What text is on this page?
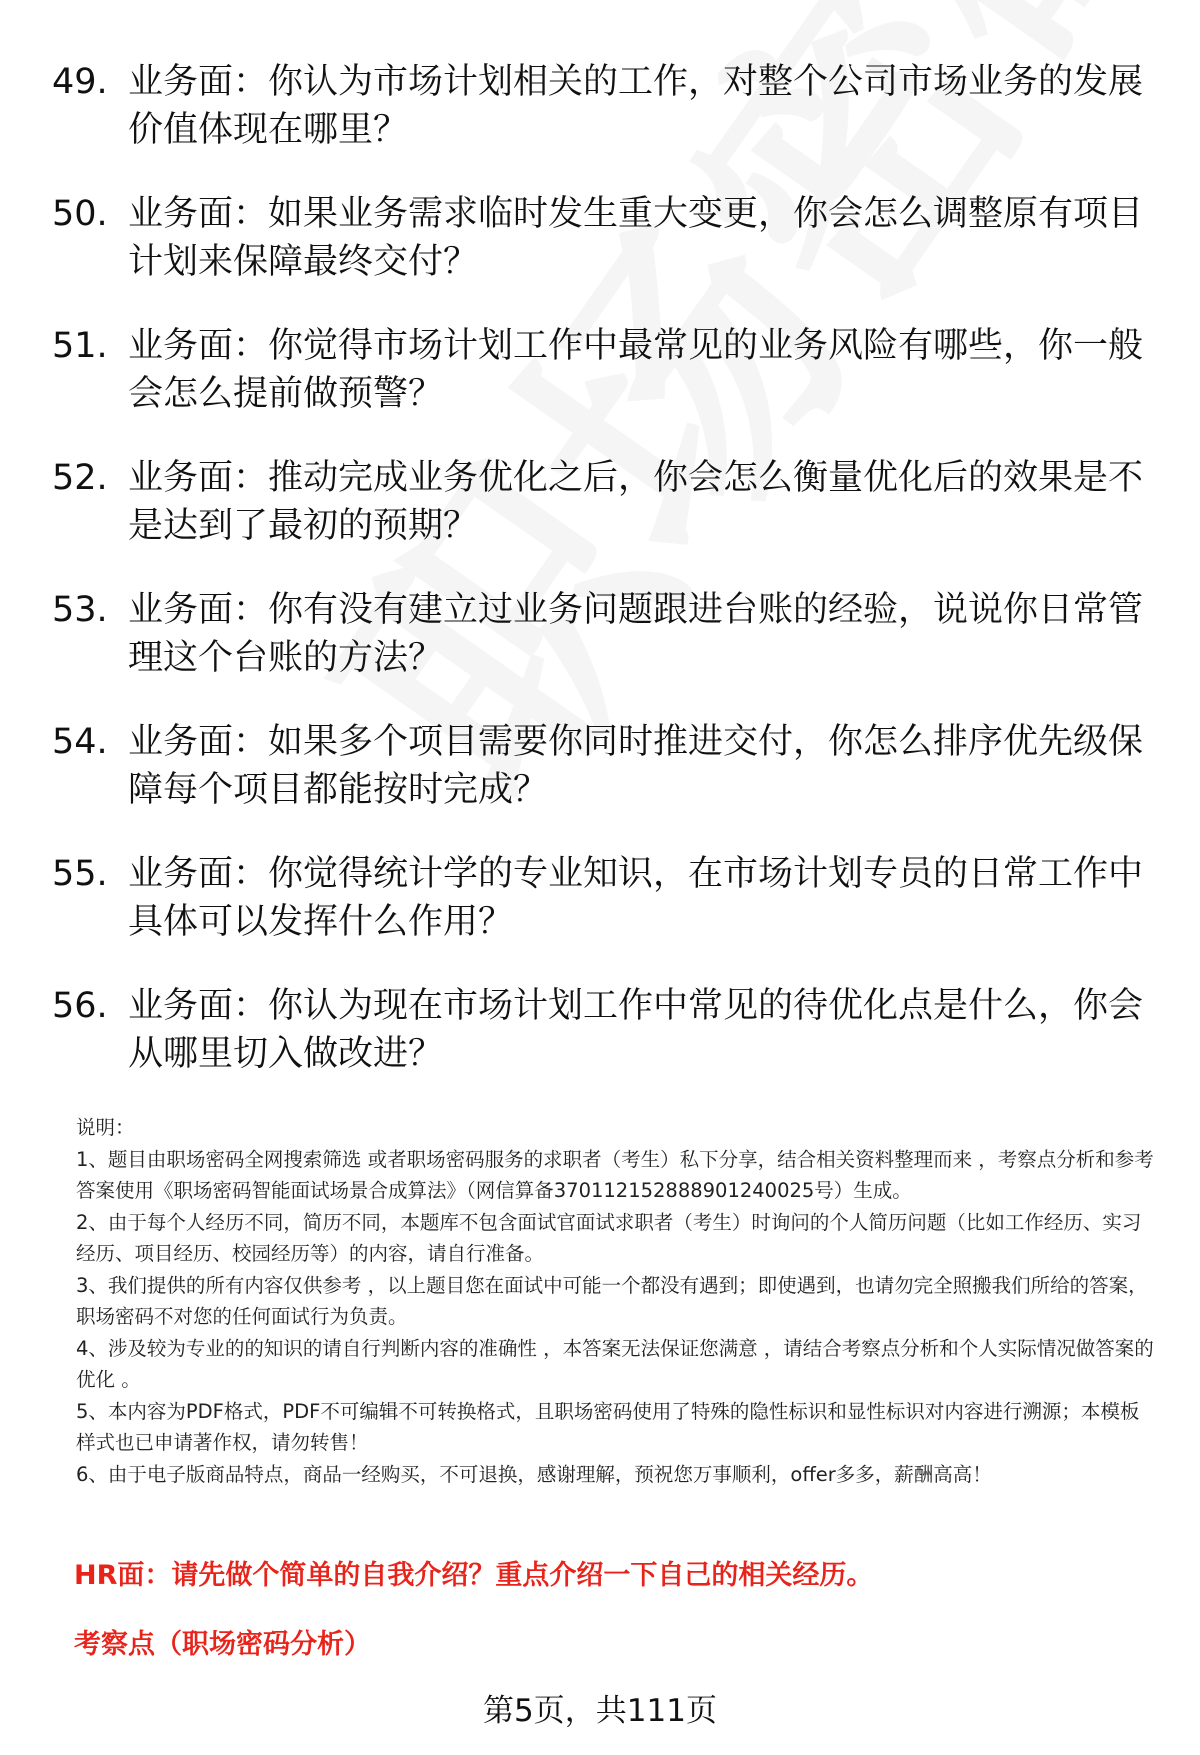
49. 业务面：你认为市场计划相关的工作，对整个公司市场业务的发展价值体现在哪里？
50. 业务面：如果业务需求临时发生重大变更，你会怎么调整原有项目计划来保障最终交付？
51. 业务面：你觉得市场计划工作中最常见的业务风险有哪些，你一般会怎么提前做预警？
52. 业务面：推动完成业务优化之后，你会怎么衡量优化后的效果是不是达到了最初的预期？
53. 业务面：你有没有建立过业务问题跟进台账的经验，说说你日常管理这个台账的方法？
54. 业务面：如果多个项目需要你同时推进交付，你怎么排序优先级保障每个项目都能按时完成？
55. 业务面：你觉得统计学的专业知识，在市场计划专员的日常工作中具体可以发挥什么作用？
56. 业务面：你认为现在市场计划工作中常见的待优化点是什么，你会从哪里切入做改进？

说明：

1、题目由职场密码全网搜索筛选 或者职场密码服务的求职者（考生）私下分享，结合相关资料整理而来 ，考察点分析和参考答案使用《职场密码智能面试场景合成算法》（网信算备370112152888901240025号）生成。

2、由于每个人经历不同，简历不同，本题库不包含面试官面试求职者（考生）时询问的个人简历问题（比如工作经历、实习经历、项目经历、校园经历等）的内容，请自行准备。

3、我们提供的所有内容仅供参考 ，以上题目您在面试中可能一个都没有遇到；即使遇到，也请勿完全照搬我们所给的答案，职场密码不对您的任何面试行为负责。

4、涉及较为专业的的知识的请自行判断内容的准确性 ，本答案无法保证您满意 ，请结合考察点分析和个人实际情况做答案的优化 。

5、本内容为PDF格式，PDF不可编辑不可转换格式，且职场密码使用了特殊的隐性标识和显性标识对内容进行溯源；本模板样式也已申请著作权，请勿转售！

6、由于电子版商品特点，商品一经购买，不可退换，感谢理解，预祝您万事顺利，offer多多，薪酬高高！

HR面：请先做个简单的自我介绍？重点介绍一下自己的相关经历。
考察点（职场密码分析）
第5页，共111页
